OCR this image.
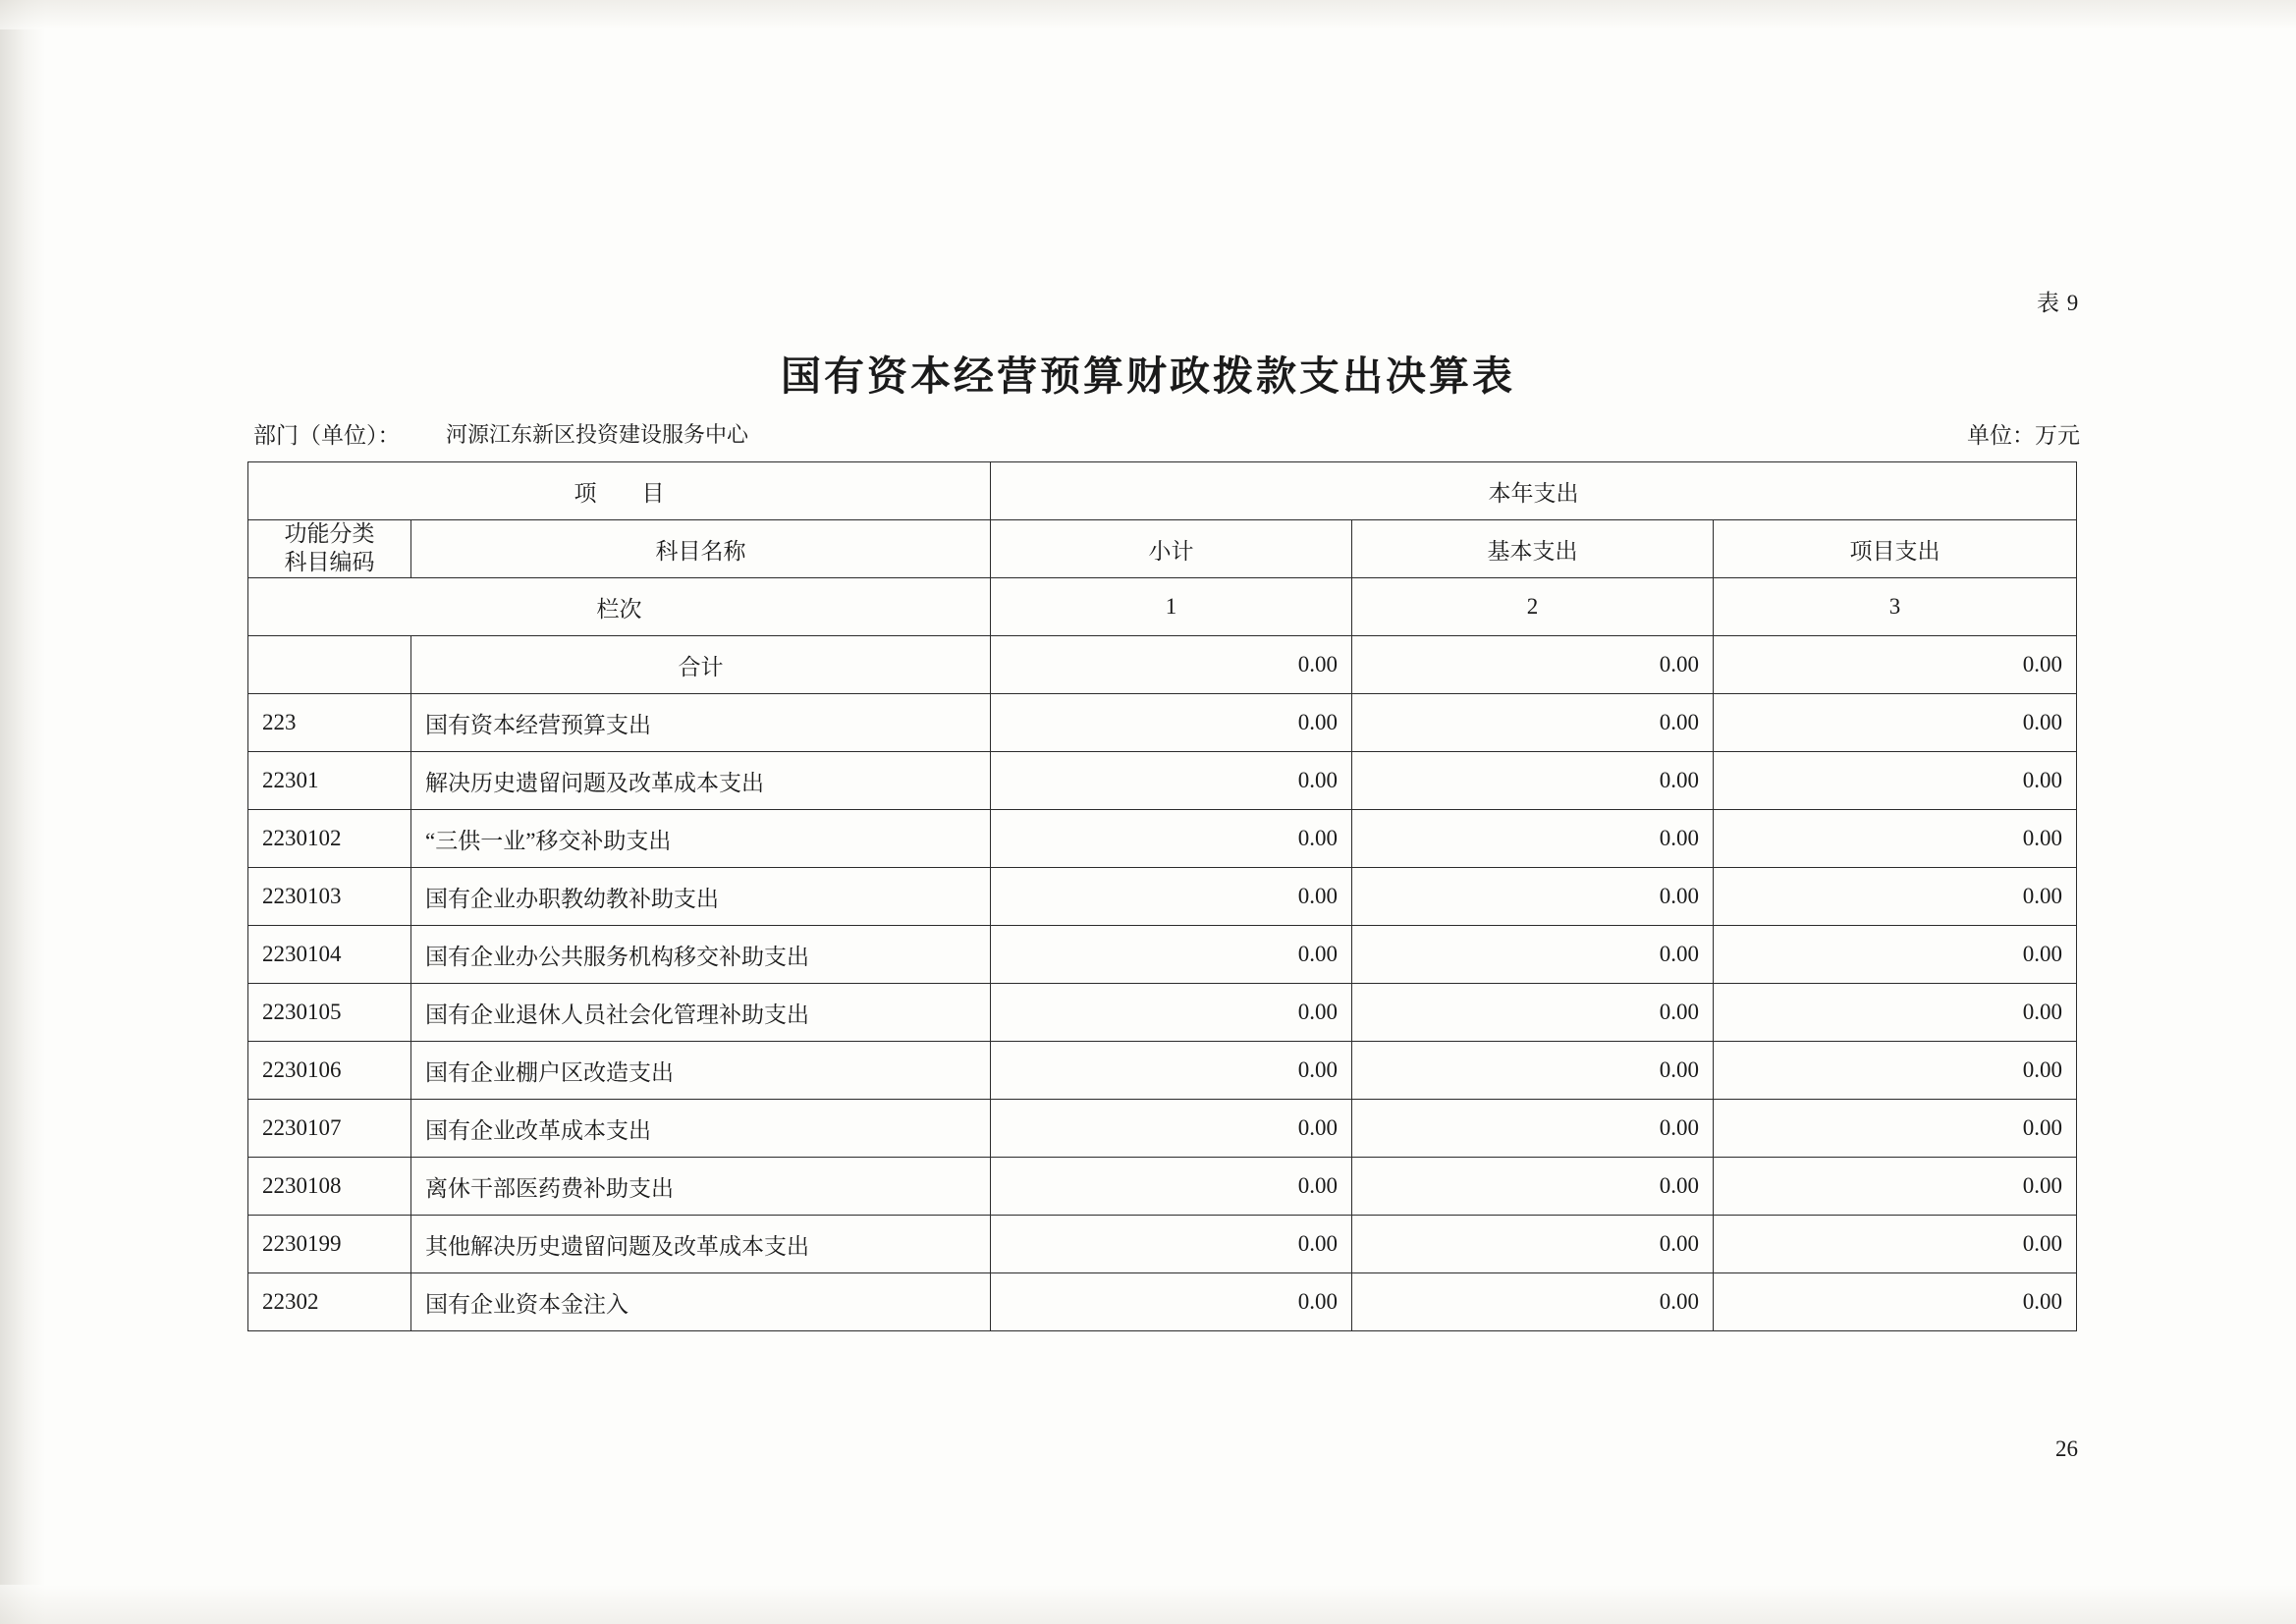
表 9
国有资本经营预算财政拨款支出决算表
部门（单位）： 河源江东新区投资建设服务中心	单位：万元
项　　目		本年支出		

功能分类
科目编码	科目名称	小计	基本支出	项目支出
栏次		1	2	3
	合计	0.00	0.00	0.00
223	国有资本经营预算支出	0.00	0.00	0.00
22301	解决历史遗留问题及改革成本支出	0.00	0.00	0.00
2230102	“三供一业”移交补助支出	0.00	0.00	0.00
2230103	国有企业办职教幼教补助支出	0.00	0.00	0.00
2230104	国有企业办公共服务机构移交补助支出	0.00	0.00	0.00
2230105	国有企业退休人员社会化管理补助支出	0.00	0.00	0.00
2230106	国有企业棚户区改造支出	0.00	0.00	0.00
2230107	国有企业改革成本支出	0.00	0.00	0.00
2230108	离休干部医药费补助支出	0.00	0.00	0.00
2230199	其他解决历史遗留问题及改革成本支出	0.00	0.00	0.00
22302	国有企业资本金注入	0.00	0.00	0.00
26
